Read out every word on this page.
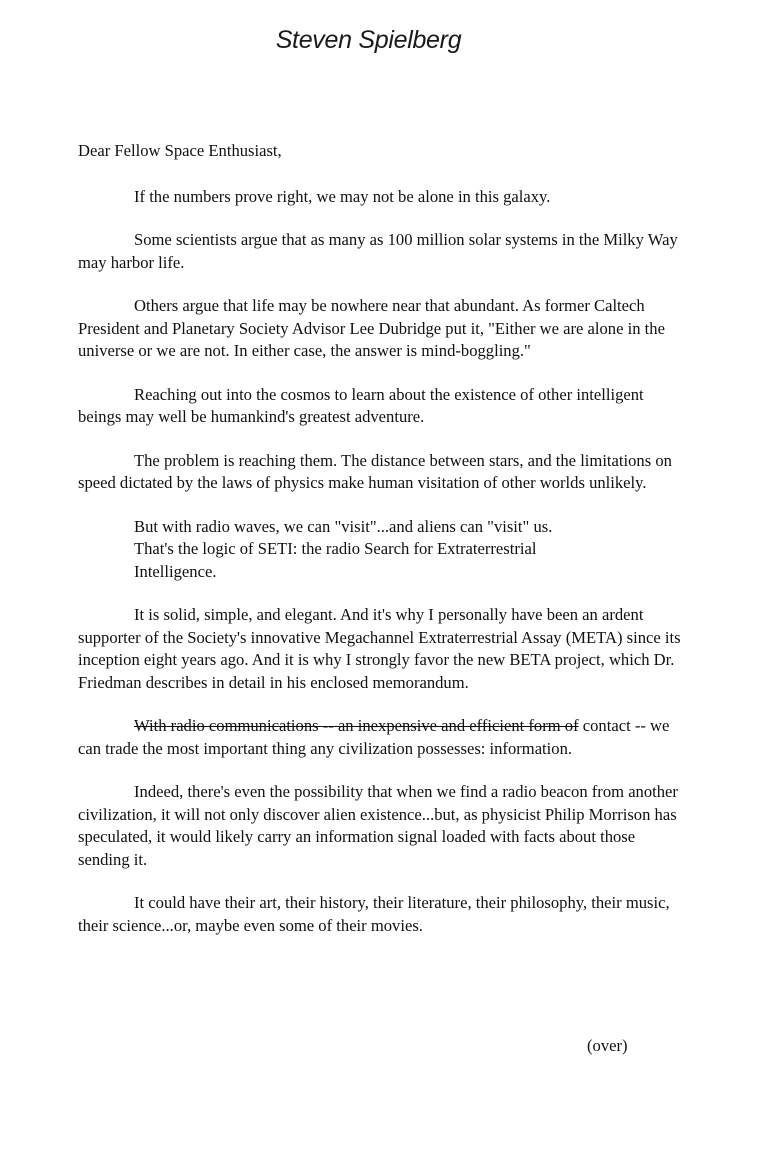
Steven Spielberg

Dear Fellow Space Enthusiast,

If the numbers prove right, we may not be alone in this galaxy.

Some scientists argue that as many as 100 million solar systems in the Milky Way may harbor life.

Others argue that life may be nowhere near that abundant. As former Caltech President and Planetary Society Advisor Lee Dubridge put it, "Either we are alone in the universe or we are not. In either case, the answer is mind-boggling."

Reaching out into the cosmos to learn about the existence of other intelligent beings may well be humankind's greatest adventure.

The problem is reaching them. The distance between stars, and the limitations on speed dictated by the laws of physics make human visitation of other worlds unlikely.

But with radio waves, we can "visit"...and aliens can "visit" us. That's the logic of SETI: the radio Search for Extraterrestrial Intelligence.

It is solid, simple, and elegant. And it's why I personally have been an ardent supporter of the Society's innovative Megachannel Extraterrestrial Assay (META) since its inception eight years ago. And it is why I strongly favor the new BETA project, which Dr. Friedman describes in detail in his enclosed memorandum.

With radio communications -- an inexpensive and efficient form of contact -- we can trade the most important thing any civilization possesses: information.

Indeed, there's even the possibility that when we find a radio beacon from another civilization, it will not only discover alien existence...but, as physicist Philip Morrison has speculated, it would likely carry an information signal loaded with facts about those sending it.

It could have their art, their history, their literature, their philosophy, their music, their science...or, maybe even some of their movies.

(over)
